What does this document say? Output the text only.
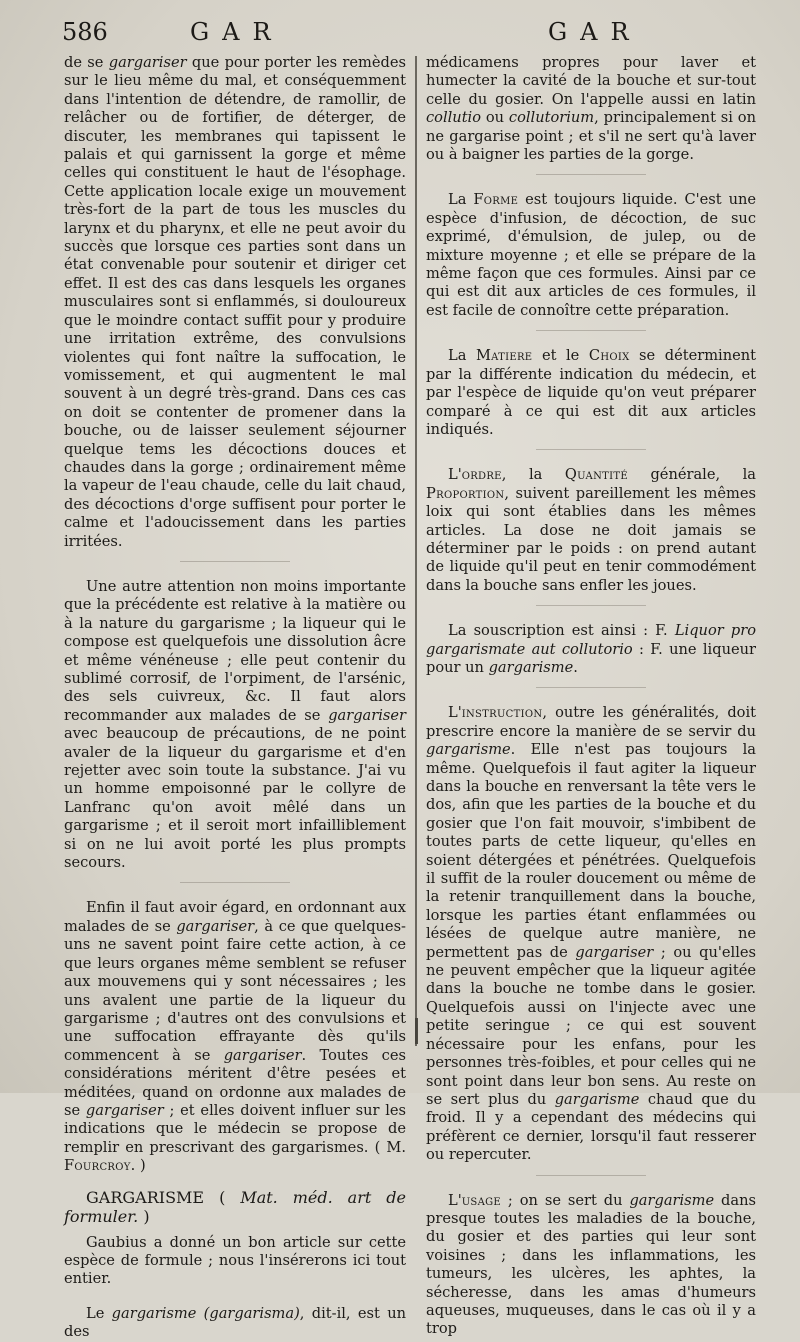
586	GAR	GAR

de se gargariser que pour porter les remèdes sur le lieu même du mal, et conséquemment dans l'intention de détendre, de ramollir, de relâcher ou de fortifier, de déterger, de discuter, les membranes qui tapissent le palais et qui garnissent la gorge et même celles qui constituent le haut de l'ésophage. Cette application locale exige un mouvement très-fort de la part de tous les muscles du larynx et du pharynx, et elle ne peut avoir du succès que lorsque ces parties sont dans un état convenable pour soutenir et diriger cet effet. Il est des cas dans lesquels les organes musculaires sont si enflammés, si douloureux que le moindre contact suffit pour y produire une irritation extrême, des convulsions violentes qui font naître la suffocation, le vomissement, et qui augmentent le mal souvent à un degré très-grand. Dans ces cas on doit se contenter de promener dans la bouche, ou de laisser seulement séjourner quelque tems les décoctions douces et chaudes dans la gorge ; ordinairement même la vapeur de l'eau chaude, celle du lait chaud, des décoctions d'orge suffisent pour porter le calme et l'adoucissement dans les parties irritées.

Une autre attention non moins importante que la précédente est relative à la matière ou à la nature du gargarisme ; la liqueur qui le compose est quelquefois une dissolution âcre et même vénéneuse ; elle peut contenir du sublimé corrosif, de l'orpiment, de l'arsénic, des sels cuivreux, &c. Il faut alors recommander aux malades de se gargariser avec beaucoup de précautions, de ne point avaler de la liqueur du gargarisme et d'en rejetter avec soin toute la substance. J'ai vu un homme empoisonné par le collyre de Lanfranc qu'on avoit mêlé dans un gargarisme ; et il seroit mort infailliblement si on ne lui avoit porté les plus prompts secours.

Enfin il faut avoir égard, en ordonnant aux malades de se gargariser, à ce que quelques-uns ne savent point faire cette action, à ce que leurs organes même semblent se refuser aux mouvemens qui y sont nécessaires ; les uns avalent une partie de la liqueur du gargarisme ; d'autres ont des convulsions et une suffocation effrayante dès qu'ils commencent à se gargariser. Toutes ces considérations méritent d'être pesées et méditées, quand on ordonne aux malades de se gargariser ; et elles doivent influer sur les indications que le médecin se propose de remplir en prescrivant des gargarismes. ( M. Fourcroy. )

GARGARISME ( Mat. méd. art de formuler. )

Gaubius a donné un bon article sur cette espèce de formule ; nous l'insérerons ici tout entier.

Le gargarisme (gargarisma), dit-il, est un des

médicamens propres pour laver et humecter la cavité de la bouche et sur-tout celle du gosier. On l'appelle aussi en latin collutio ou collutorium, principalement si on ne gargarise point ; et s'il ne sert qu'à laver ou à baigner les parties de la gorge.

La Forme est toujours liquide. C'est une espèce d'infusion, de décoction, de suc exprimé, d'émulsion, de julep, ou de mixture moyenne ; et elle se prépare de la même façon que ces formules. Ainsi par ce qui est dit aux articles de ces formules, il est facile de connoître cette préparation.

La Matiere et le Choix se déterminent par la différente indication du médecin, et par l'espèce de liquide qu'on veut préparer comparé à ce qui est dit aux articles indiqués.

L'ordre, la Quantité générale, la Proportion, suivent pareillement les mêmes loix qui sont établies dans les mêmes articles. La dose ne doit jamais se déterminer par le poids : on prend autant de liquide qu'il peut en tenir commodément dans la bouche sans enfler les joues.

La souscription est ainsi : F. Liquor pro gargarismate aut collutorio : F. une liqueur pour un gargarisme.

L'instruction, outre les généralités, doit prescrire encore la manière de se servir du gargarisme. Elle n'est pas toujours la même. Quelquefois il faut agiter la liqueur dans la bouche en renversant la tête vers le dos, afin que les parties de la bouche et du gosier que l'on fait mouvoir, s'imbibent de toutes parts de cette liqueur, qu'elles en soient détergées et pénétrées. Quelquefois il suffit de la rouler doucement ou même de la retenir tranquillement dans la bouche, lorsque les parties étant enflammées ou lésées de quelque autre manière, ne permettent pas de gargariser ; ou qu'elles ne peuvent empêcher que la liqueur agitée dans la bouche ne tombe dans le gosier. Quelquefois aussi on l'injecte avec une petite seringue ; ce qui est souvent nécessaire pour les enfans, pour les personnes très-foibles, et pour celles qui ne sont point dans leur bon sens. Au reste on se sert plus du gargarisme chaud que du froid. Il y a cependant des médecins qui préfèrent ce dernier, lorsqu'il faut resserer ou repercuter.

L'usage ; on se sert du gargarisme dans presque toutes les maladies de la bouche, du gosier et des parties qui leur sont voisines ; dans les inflammations, les tumeurs, les ulcères, les aphtes, la sécheresse, dans les amas d'humeurs aqueuses, muqueuses, dans le cas où il y a trop
